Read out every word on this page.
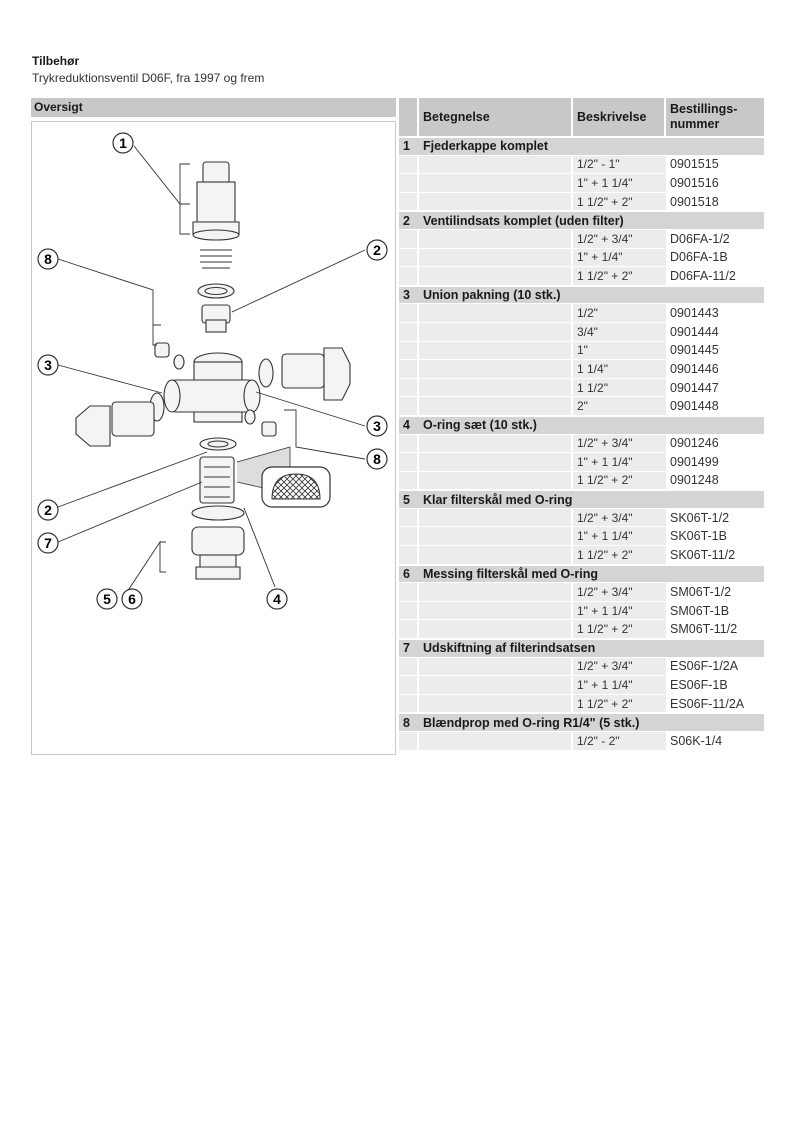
Tilbehør
Trykreduktionsventil D06F, fra 1997 og frem
Oversigt
1
2
8
3
3
8
2
7
5 6	4
	Betegnelse	Beskrivelse	Bestillings-
nummer
1	Fjederkappe komplet		
		1/2" - 1"	0901515
		1" + 1 1/4"	0901516
		1 1/2" + 2"	0901518
2	Ventilindsats komplet (uden filter)		
		1/2" + 3/4"	D06FA-1/2
		1" + 1/4"	D06FA-1B
		1 1/2" + 2"	D06FA-11/2
3	Union pakning (10 stk.)		
		1/2"	0901443
		3/4"	0901444
		1"	0901445
		1 1/4"	0901446
		1 1/2"	0901447
		2"	0901448
4	O-ring sæt (10 stk.)		
		1/2" + 3/4"	0901246
		1" + 1 1/4"	0901499
		1 1/2" + 2"	0901248
5	Klar filterskål med O-ring		
		1/2" + 3/4"	SK06T-1/2
		1" + 1 1/4"	SK06T-1B
		1 1/2" + 2"	SK06T-11/2
6	Messing filterskål med O-ring		
		1/2" + 3/4"	SM06T-1/2
		1" + 1 1/4"	SM06T-1B
		1 1/2" + 2"	SM06T-11/2
7	Udskiftning af filterindsatsen		
		1/2" + 3/4"	ES06F-1/2A
		1" + 1 1/4"	ES06F-1B
		1 1/2" + 2"	ES06F-11/2A
8	Blændprop med O-ring R1/4" (5 stk.)		
		1/2" - 2"	S06K-1/4
